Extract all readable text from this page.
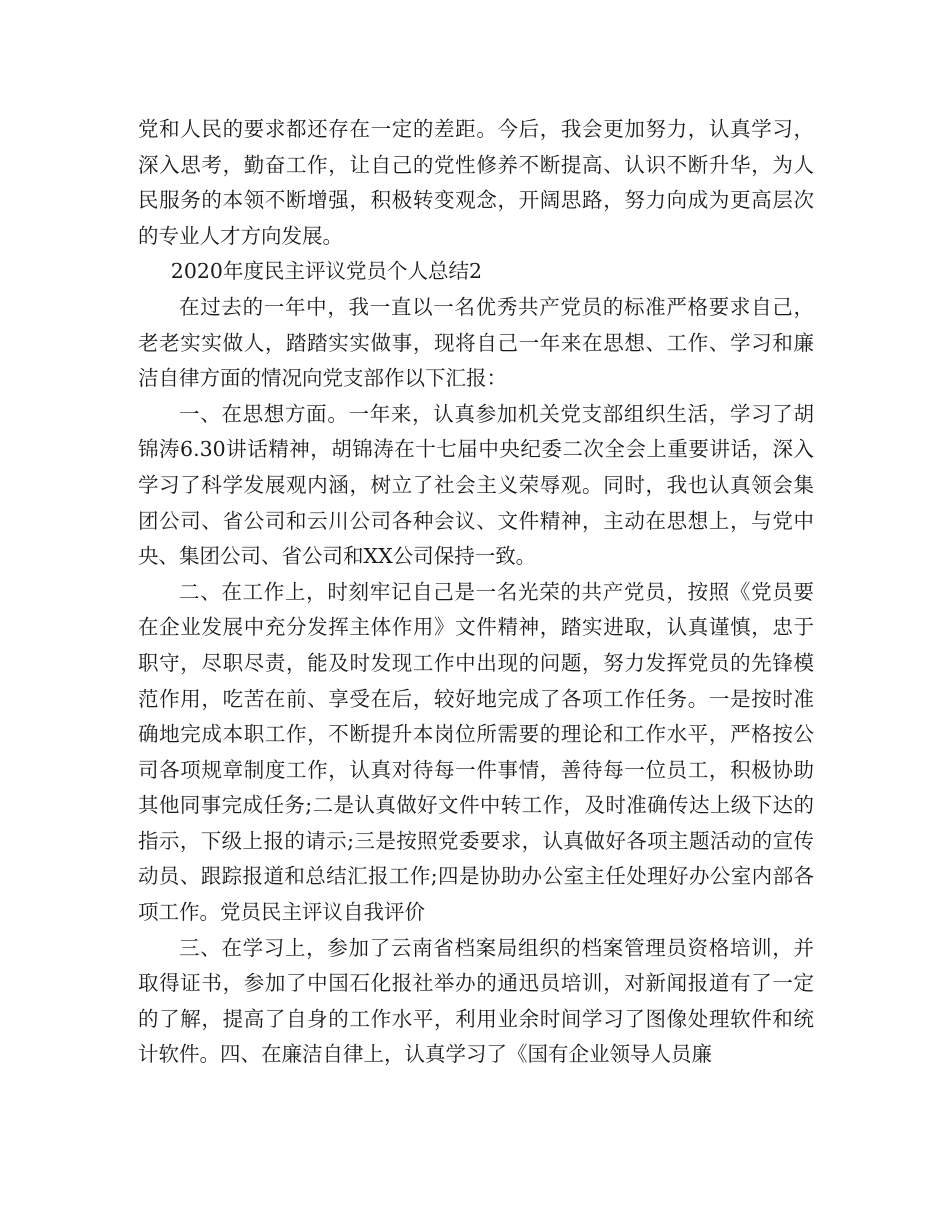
党和人民的要求都还存在一定的差距。今后，我会更加努力，认真学习，深入思考，勤奋工作，让自己的党性修养不断提高、认识不断升华，为人民服务的本领不断增强，积极转变观念，开阔思路，努力向成为更高层次的专业人才方向发展。

2020年度民主评议党员个人总结2

在过去的一年中，我一直以一名优秀共产党员的标准严格要求自己，老老实实做人，踏踏实实做事，现将自己一年来在思想、工作、学习和廉洁自律方面的情况向党支部作以下汇报：

一、在思想方面。一年来，认真参加机关党支部组织生活，学习了胡锦涛6.30讲话精神，胡锦涛在十七届中央纪委二次全会上重要讲话，深入学习了科学发展观内涵，树立了社会主义荣辱观。同时，我也认真领会集团公司、省公司和云川公司各种会议、文件精神，主动在思想上，与党中央、集团公司、省公司和XX公司保持一致。

二、在工作上，时刻牢记自己是一名光荣的共产党员，按照《党员要在企业发展中充分发挥主体作用》文件精神，踏实进取，认真谨慎，忠于职守，尽职尽责，能及时发现工作中出现的问题，努力发挥党员的先锋模范作用，吃苦在前、享受在后，较好地完成了各项工作任务。一是按时准确地完成本职工作，不断提升本岗位所需要的理论和工作水平，严格按公司各项规章制度工作，认真对待每一件事情，善待每一位员工，积极协助其他同事完成任务;二是认真做好文件中转工作，及时准确传达上级下达的指示，下级上报的请示;三是按照党委要求，认真做好各项主题活动的宣传动员、跟踪报道和总结汇报工作;四是协助办公室主任处理好办公室内部各项工作。党员民主评议自我评价

三、在学习上，参加了云南省档案局组织的档案管理员资格培训，并取得证书，参加了中国石化报社举办的通迅员培训，对新闻报道有了一定的了解，提高了自身的工作水平，利用业余时间学习了图像处理软件和统计软件。四、在廉洁自律上，认真学习了《国有企业领导人员廉
